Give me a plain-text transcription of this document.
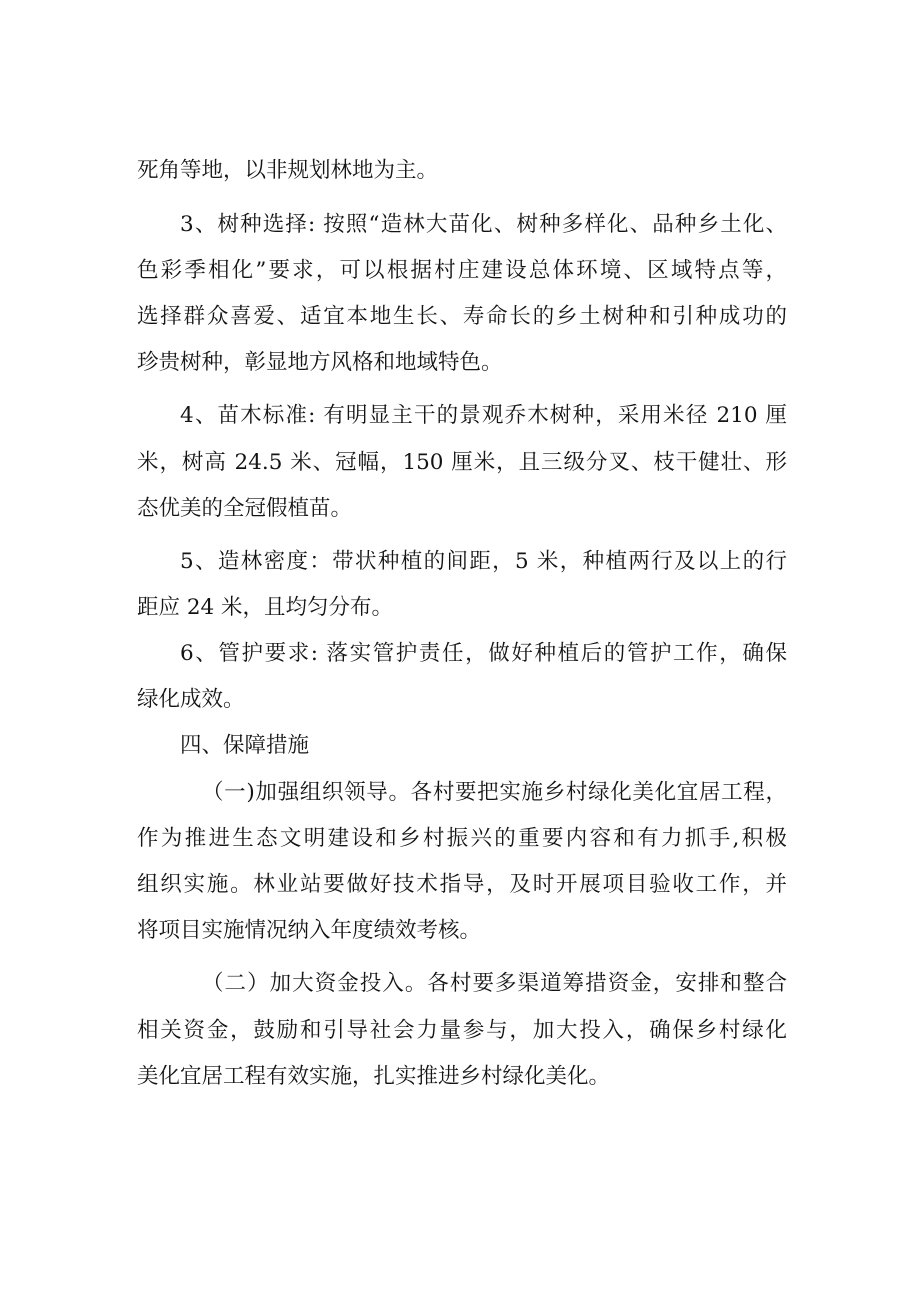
死角等地，以非规划林地为主。

3、树种选择: 按照“造林大苗化、树种多样化、品种乡土化、

色彩季相化”要求，可以根据村庄建设总体环境、区域特点等，

选择群众喜爱、适宜本地生长、寿命长的乡土树种和引种成功的

珍贵树种，彰显地方风格和地域特色。

4、苗木标准: 有明显主干的景观乔木树种，采用米径 210 厘

米，树高 24.5 米、冠幅，150 厘米，且三级分叉、枝干健壮、形

态优美的全冠假植苗。

5、造林密度：带状种植的间距，5 米，种植两行及以上的行

距应 24 米，且均匀分布。

6、管护要求: 落实管护责任，做好种植后的管护工作，确保

绿化成效。

四、保障措施

（一)加强组织领导。各村要把实施乡村绿化美化宜居工程，

作为推进生态文明建设和乡村振兴的重要内容和有力抓手,积极

组织实施。林业站要做好技术指导，及时开展项目验收工作，并

将项目实施情况纳入年度绩效考核。

（二）加大资金投入。各村要多渠道筹措资金，安排和整合

相关资金，鼓励和引导社会力量参与，加大投入，确保乡村绿化

美化宜居工程有效实施，扎实推进乡村绿化美化。
